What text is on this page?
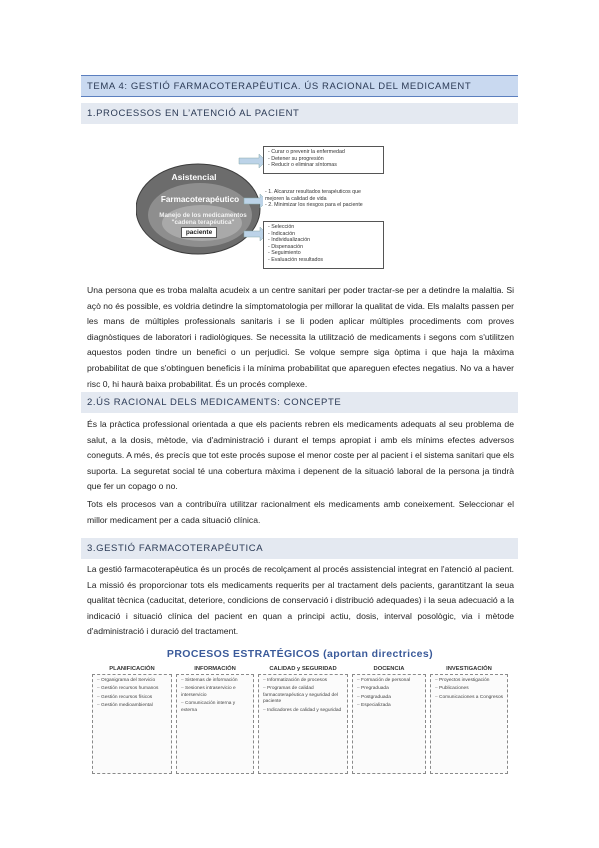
TEMA 4: GESTIÓ FARMACOTERAPÈUTICA. ÚS RACIONAL DEL MEDICAMENT
1.PROCESSOS EN L’ATENCIÓ AL PACIENT
Asistencial
Farmacoterapéutico
Manejo de los medicamentos
"cadena terapéutica"
paciente
- Curar o prevenir la enfermedad
- Detener su progresión
- Reducir o eliminar síntomas
- 1. Alcanzar resultados terapéuticos que mejoren la calidad de vida
- 2. Minimizar los riesgos para el paciente
- Selección
- Indicación
- Individualización
- Dispensación
- Seguimiento
- Evaluación resultados
Una persona que es troba malalta acudeix a un centre sanitari per poder tractar-se per a detindre la malaltia. Si açò no és possible, es voldria detindre la símptomatologia per millorar la qualitat de vida. Els malalts passen per les mans de múltiples professionals sanitaris i se li poden aplicar múltiples procediments com proves diagnòstiques de laboratori i radiològiques. Se necessita la utilització de medicaments i segons com s'utilitzen aquestos poden tindre un benefici o un perjudici. Se volque sempre siga òptima i que haja la màxima probabilitat de que s'obtinguen beneficis i la mínima probabilitat que apareguen efectes negatius. No va a haver risc 0, hi haurà baixa probabilitat. És un procés complexe.
2.ÚS RACIONAL DELS MEDICAMENTS: CONCEPTE
És la pràctica professional orientada a que els pacients rebren els medicaments adequats al seu problema de salut, a la dosis, mètode, via d'administració i durant el temps apropiat i amb els mínims efectes adversos coneguts. A més, és precís que tot este procés supose el menor coste per al pacient i el sistema sanitari que els suporta. La seguretat social té una cobertura màxima i depenent de la situació laboral de la persona ja tindrà que fer un copago o no.
Tots els procesos van a contribuïra utilitzar racionalment els medicaments amb coneixement. Seleccionar el millor medicament per a cada situació clínica.
3.GESTIÓ FARMACOTERAPÈUTICA
La gestió farmacoterapèutica és un procés de recolçament al procés assistencial integrat en l'atenció al pacient. La missió és proporcionar tots els medicaments requerits per al tractament dels pacients, garantitzant la seua qualitat tècnica (caducitat, deteriore, condicions de conservació i distribució adequades) i la seua adecuació a la indicació i situació clínica del pacient en quan a principi actiu, dosis, interval posològic, via i mètode d'administració i duració del tractament.
PROCESOS ESTRATÉGICOS (aportan directrices)
PLANIFICACIÓN
– Organigrama del Servicio
– Gestión recursos humanos
– Gestión recursos físicos
– Gestión medioambiental
INFORMACIÓN
– Sistemas de información
– Sesiones intraservicio e interservicio
– Comunicación interna y externa
CALIDAD y SEGURIDAD
– Informatización de procesos
– Programas de calidad farmacoterapéutica y seguridad del paciente
– Indicadores de calidad y seguridad
DOCENCIA
– Formación de personal
– Pregraduada
– Postgraduada
– Especializada
INVESTIGACIÓN
– Proyectos investigación
– Publicaciones
– Comunicaciones a Congresos
